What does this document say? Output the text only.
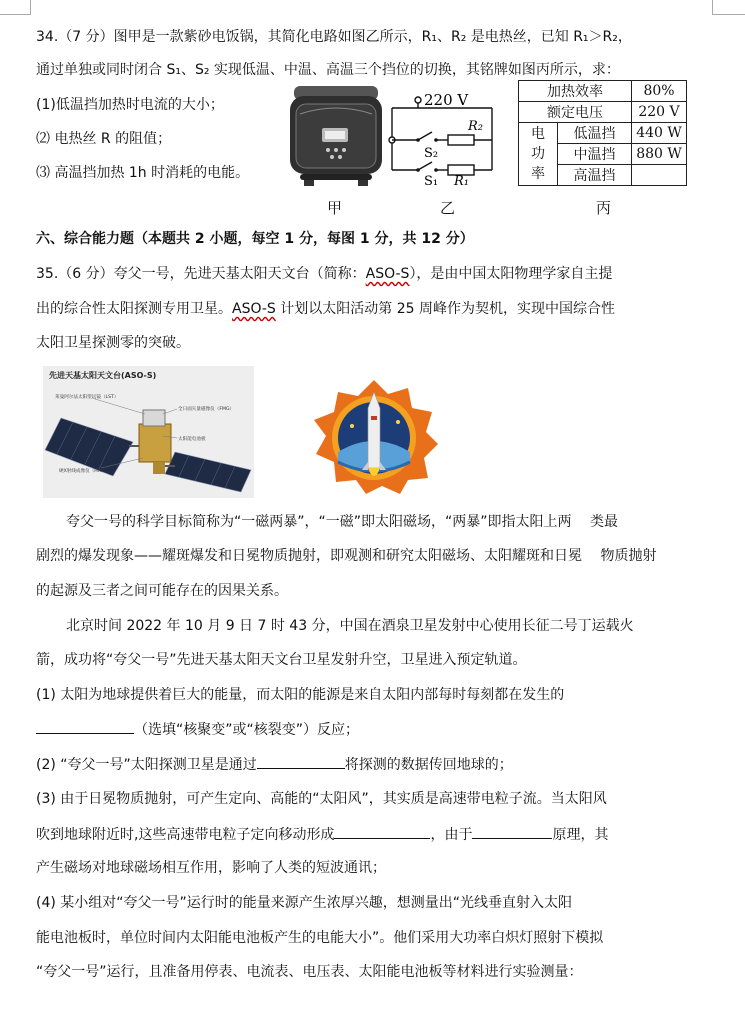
34.（7 分）图甲是一款紫砂电饭锅，其简化电路如图乙所示，R₁、R₂ 是电热丝，已知 R₁＞R₂，
通过单独或同时闭合 S₁、S₂ 实现低温、中温、高温三个挡位的切换，其铭牌如图丙所示，求：
(1)低温挡加热时电流的大小；
⑵ 电热丝 R 的阻值；
⑶ 高温挡加热 1h 时消耗的电能。
220 V
R₂
S₂
S₁ R₁
加热效率		80%
额定电压		220 V
电
功
率	低温挡	440 W
	中温挡	880 W
	高温挡	
甲	乙	丙
六、综合能力题（本题共 2 小题，每空 1 分，每图 1 分，共 12 分）
35.（6 分）夸父一号，先进天基太阳天文台（简称：ASO-S），是由中国太阳物理学家自主提
出的综合性太阳探测专用卫星。ASO-S 计划以太阳活动第 25 周峰作为契机，实现中国综合性
太阳卫星探测零的突破。
先进天基太阳天文台(ASO-S)
莱曼阿尔法太阳望远镜（LST）
全日面矢量磁像仪（FMG）
太阳能电池板
硬X射线成像仪（HXI）
夸父一号的科学目标简称为“一磁两暴”，“一磁”即太阳磁场，“两暴”即指太阳上两　 类最
剧烈的爆发现象——耀斑爆发和日冕物质抛射，即观测和研究太阳磁场、太阳耀斑和日冕　 物质抛射
的起源及三者之间可能存在的因果关系。
北京时间 2022 年 10 月 9 日 7 时 43 分，中国在酒泉卫星发射中心使用长征二号丁运载火
箭，成功将“夸父一号”先进天基太阳天文台卫星发射升空，卫星进入预定轨道。
(1) 太阳为地球提供着巨大的能量，而太阳的能源是来自太阳内部每时每刻都在发生的
（选填“核聚变”或“核裂变”）反应；
(2) “夸父一号”太阳探测卫星是通过	将探测的数据传回地球的；
(3) 由于日冕物质抛射，可产生定向、高能的“太阳风”，其实质是高速带电粒子流。当太阳风
吹到地球附近时,这些高速带电粒子定向移动形成	，由于	原理，其
产生磁场对地球磁场相互作用，影响了人类的短波通讯；
(4) 某小组对“夸父一号”运行时的能量来源产生浓厚兴趣，想测量出“光线垂直射入太阳
能电池板时，单位时间内太阳能电池板产生的电能大小”。他们采用大功率白炽灯照射下模拟
“夸父一号”运行，且准备用停表、电流表、电压表、太阳能电池板等材料进行实验测量：
